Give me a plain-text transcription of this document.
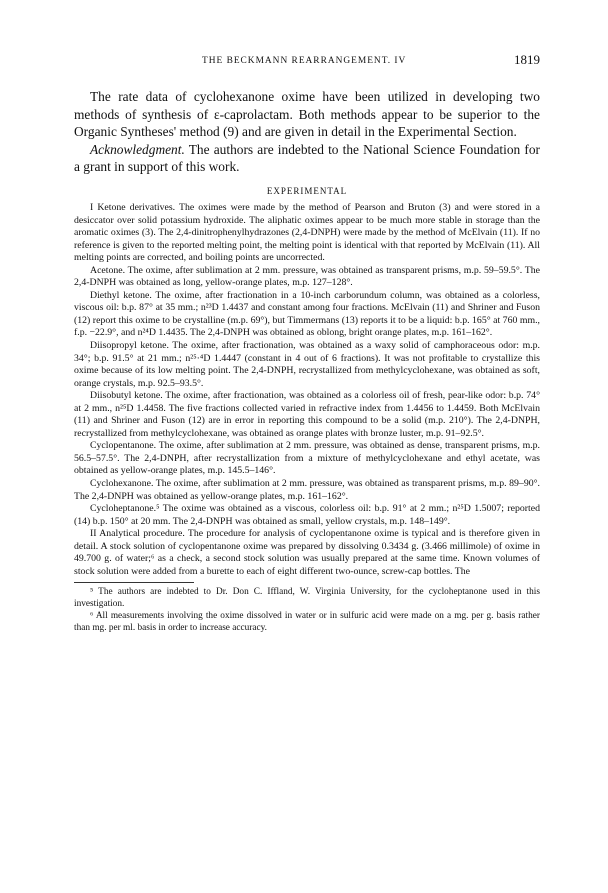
THE BECKMANN REARRANGEMENT. IV	1819

The rate data of cyclohexanone oxime have been utilized in developing two methods of synthesis of ε-caprolactam. Both methods appear to be superior to the Organic Syntheses' method (9) and are given in detail in the Experimental Section.

Acknowledgment. The authors are indebted to the National Science Foundation for a grant in support of this work.

EXPERIMENTAL

I Ketone derivatives. The oximes were made by the method of Pearson and Bruton (3) and were stored in a desiccator over solid potassium hydroxide. The aliphatic oximes appear to be much more stable in storage than the aromatic oximes (3). The 2,4-dinitrophenylhydrazones (2,4-DNPH) were made by the method of McElvain (11). If no reference is given to the reported melting point, the melting point is identical with that reported by McElvain (11). All melting points are corrected, and boiling points are uncorrected.

Acetone. The oxime, after sublimation at 2 mm. pressure, was obtained as transparent prisms, m.p. 59–59.5°. The 2,4-DNPH was obtained as long, yellow-orange plates, m.p. 127–128°.

Diethyl ketone. The oxime, after fractionation in a 10-inch carborundum column, was obtained as a colorless, viscous oil: b.p. 87° at 35 mm.; n²³D 1.4437 and constant among four fractions. McElvain (11) and Shriner and Fuson (12) report this oxime to be crystalline (m.p. 69°), but Timmermans (13) reports it to be a liquid: b.p. 165° at 760 mm., f.p. −22.9°, and n²⁴D 1.4435. The 2,4-DNPH was obtained as oblong, bright orange plates, m.p. 161–162°.

Diisopropyl ketone. The oxime, after fractionation, was obtained as a waxy solid of camphoraceous odor: m.p. 34°; b.p. 91.5° at 21 mm.; n²⁵·⁴D 1.4447 (constant in 4 out of 6 fractions). It was not profitable to crystallize this oxime because of its low melting point. The 2,4-DNPH, recrystallized from methylcyclohexane, was obtained as soft, orange crystals, m.p. 92.5–93.5°.

Diisobutyl ketone. The oxime, after fractionation, was obtained as a colorless oil of fresh, pear-like odor: b.p. 74° at 2 mm., n²⁵D 1.4458. The five fractions collected varied in refractive index from 1.4456 to 1.4459. Both McElvain (11) and Shriner and Fuson (12) are in error in reporting this compound to be a solid (m.p. 210°). The 2,4-DNPH, recrystallized from methylcyclohexane, was obtained as orange plates with bronze luster, m.p. 91–92.5°.

Cyclopentanone. The oxime, after sublimation at 2 mm. pressure, was obtained as dense, transparent prisms, m.p. 56.5–57.5°. The 2,4-DNPH, after recrystallization from a mixture of methylcyclohexane and ethyl acetate, was obtained as yellow-orange plates, m.p. 145.5–146°.

Cyclohexanone. The oxime, after sublimation at 2 mm. pressure, was obtained as transparent prisms, m.p. 89–90°. The 2,4-DNPH was obtained as yellow-orange plates, m.p. 161–162°.

Cycloheptanone.⁵ The oxime was obtained as a viscous, colorless oil: b.p. 91° at 2 mm.; n²⁵D 1.5007; reported (14) b.p. 150° at 20 mm. The 2,4-DNPH was obtained as small, yellow crystals, m.p. 148–149°.

II Analytical procedure. The procedure for analysis of cyclopentanone oxime is typical and is therefore given in detail. A stock solution of cyclopentanone oxime was prepared by dissolving 0.3434 g. (3.466 millimole) of oxime in 49.700 g. of water;⁶ as a check, a second stock solution was usually prepared at the same time. Known volumes of stock solution were added from a burette to each of eight different two-ounce, screw-cap bottles. The

⁵ The authors are indebted to Dr. Don C. Iffland, W. Virginia University, for the cycloheptanone used in this investigation.

⁶ All measurements involving the oxime dissolved in water or in sulfuric acid were made on a mg. per g. basis rather than mg. per ml. basis in order to increase accuracy.
